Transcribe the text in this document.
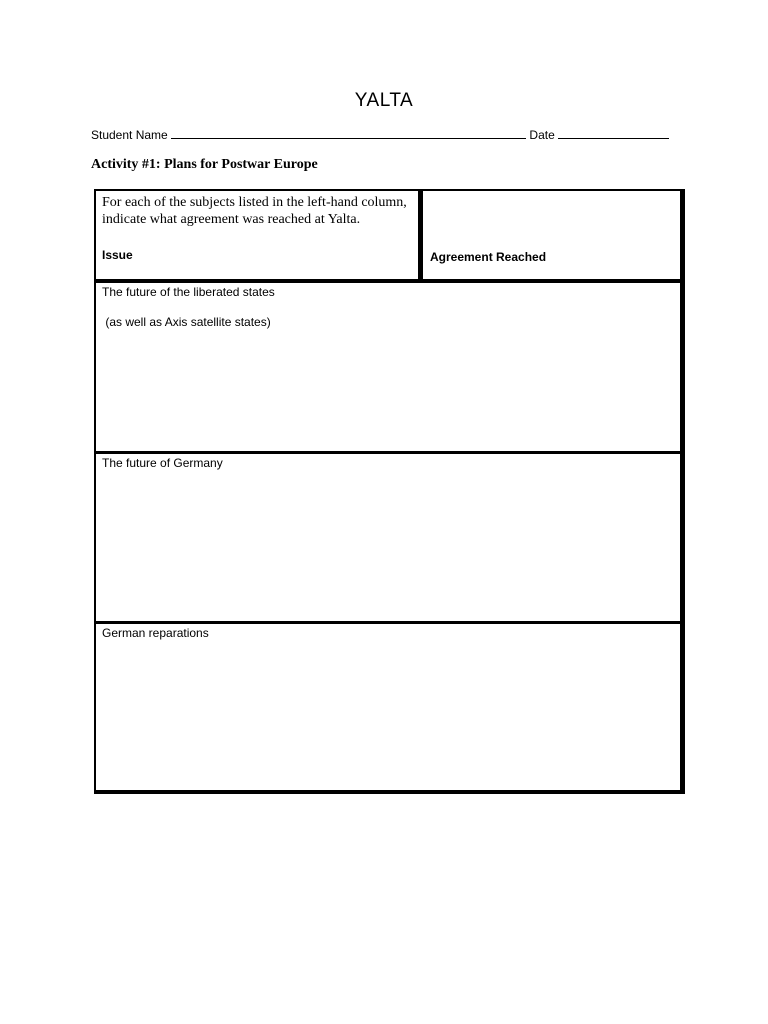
YALTA
Student Name	Date
Activity #1: Plans for Postwar Europe
For each of the subjects listed in the left-hand column, indicate what agreement was reached at Yalta.
Issue	Agreement Reached
The future of the liberated states
(as well as Axis satellite states)
The future of Germany
German reparations
